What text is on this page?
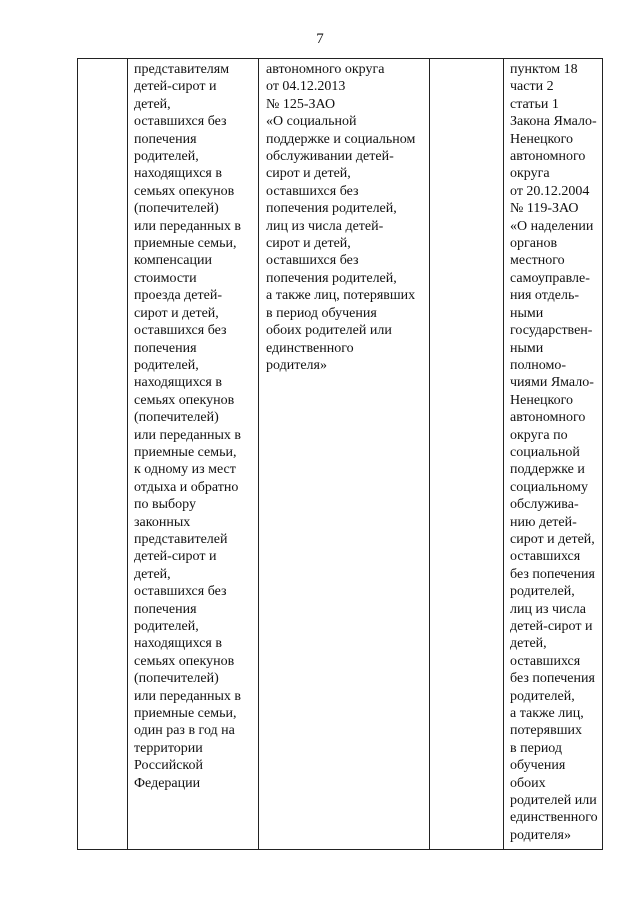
7
представителям
детей-сирот и
детей,
оставшихся без
попечения
родителей,
находящихся в
семьях опекунов
(попечителей)
или переданных в
приемные семьи,
компенсации
стоимости
проезда детей-
сирот и детей,
оставшихся без
попечения
родителей,
находящихся в
семьях опекунов
(попечителей)
или переданных в
приемные семьи,
к одному из мест
отдыха и обратно
по выбору
законных
представителей
детей-сирот и
детей,
оставшихся без
попечения
родителей,
находящихся в
семьях опекунов
(попечителей)
или переданных в
приемные семьи,
один раз в год на
территории
Российской
Федерации
автономного округа
от 04.12.2013
№ 125-ЗАО
«О социальной
поддержке и социальном
обслуживании детей-
сирот и детей,
оставшихся без
попечения родителей,
лиц из числа детей-
сирот и детей,
оставшихся без
попечения родителей,
а также лиц, потерявших
в период обучения
обоих родителей или
единственного
родителя»
пунктом 18
части 2
статьи 1
Закона Ямало-
Ненецкого
автономного
округа
от 20.12.2004
№ 119-ЗАО
«О наделении
органов
местного
самоуправле-
ния отдель-
ными
государствен-
ными
полномо-
чиями Ямало-
Ненецкого
автономного
округа по
социальной
поддержке и
социальному
обслужива-
нию детей-
сирот и детей,
оставшихся
без попечения
родителей,
лиц из числа
детей-сирот и
детей,
оставшихся
без попечения
родителей,
а также лиц,
потерявших
в период
обучения
обоих
родителей или
единственного
родителя»
